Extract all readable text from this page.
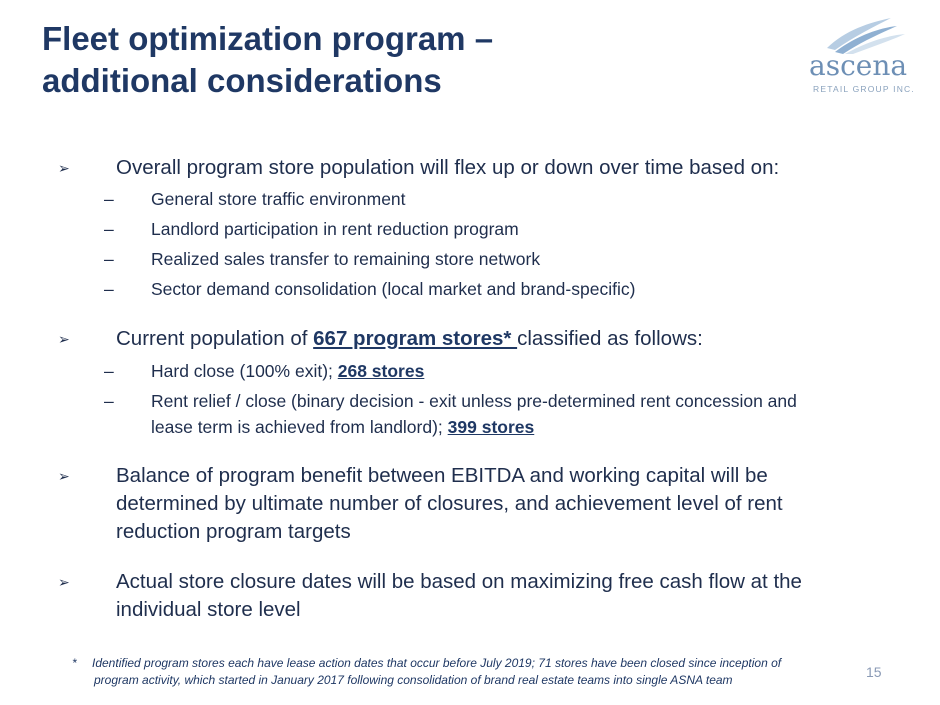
Fleet optimization program –
additional considerations	ascena
RETAIL GROUP INC.
➢ Overall program store population will flex up or down over time based on:
– General store traffic environment
– Landlord participation in rent reduction program
– Realized sales transfer to remaining store network
– Sector demand consolidation (local market and brand-specific)
➢ Current population of 667 program stores* classified as follows:
– Hard close (100% exit); 268 stores
– Rent relief / close (binary decision - exit unless pre-determined rent concession and
lease term is achieved from landlord); 399 stores
➢ Balance of program benefit between EBITDA and working capital will be
determined by ultimate number of closures, and achievement level of rent
reduction program targets
➢ Actual store closure dates will be based on maximizing free cash flow at the
individual store level
* Identified program stores each have lease action dates that occur before July 2019; 71 stores have been closed since inception of
program activity, which started in January 2017 following consolidation of brand real estate teams into single ASNA team	15
